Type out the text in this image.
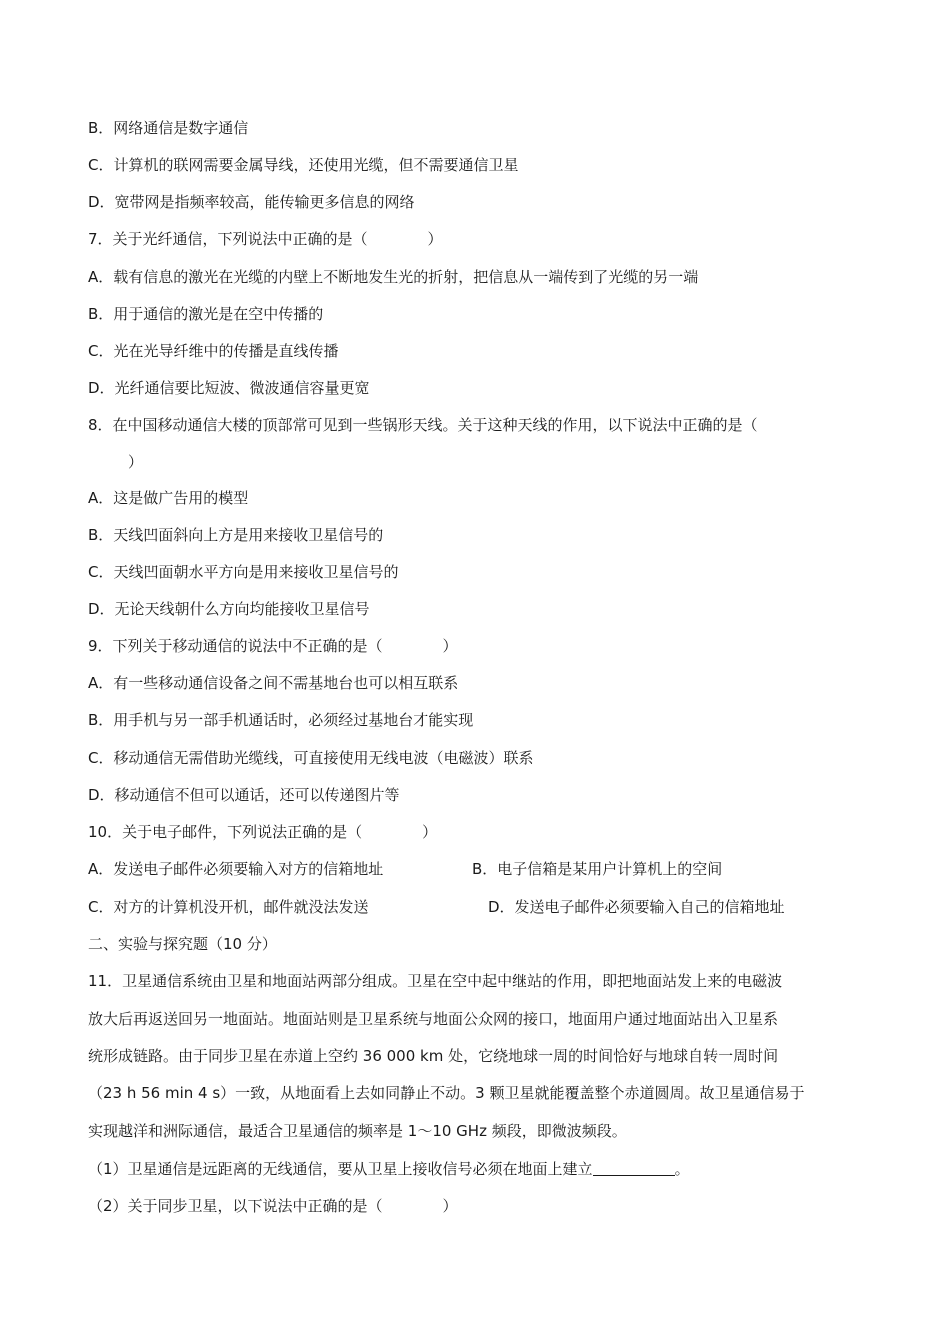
B．网络通信是数字通信
C．计算机的联网需要金属导线，还使用光缆，但不需要通信卫星
D．宽带网是指频率较高，能传输更多信息的网络
7．关于光纤通信，下列说法中正确的是（　　　　）
A．载有信息的激光在光缆的内壁上不断地发生光的折射，把信息从一端传到了光缆的另一端
B．用于通信的激光是在空中传播的
C．光在光导纤维中的传播是直线传播
D．光纤通信要比短波、微波通信容量更宽
8．在中国移动通信大楼的顶部常可见到一些锅形天线。关于这种天线的作用，以下说法中正确的是（
）
A．这是做广告用的模型
B．天线凹面斜向上方是用来接收卫星信号的
C．天线凹面朝水平方向是用来接收卫星信号的
D．无论天线朝什么方向均能接收卫星信号
9．下列关于移动通信的说法中不正确的是（　　　　）
A．有一些移动通信设备之间不需基地台也可以相互联系
B．用手机与另一部手机通话时，必须经过基地台才能实现
C．移动通信无需借助光缆线，可直接使用无线电波（电磁波）联系
D．移动通信不但可以通话，还可以传递图片等
10．关于电子邮件，下列说法正确的是（　　　　）
A．发送电子邮件必须要输入对方的信箱地址	B．电子信箱是某用户计算机上的空间
C．对方的计算机没开机，邮件就没法发送	D．发送电子邮件必须要输入自己的信箱地址
二、实验与探究题（10 分）
11．卫星通信系统由卫星和地面站两部分组成。卫星在空中起中继站的作用，即把地面站发上来的电磁波
放大后再返送回另一地面站。地面站则是卫星系统与地面公众网的接口，地面用户通过地面站出入卫星系
统形成链路。由于同步卫星在赤道上空约 36 000 km 处，它绕地球一周的时间恰好与地球自转一周时间
（23 h 56 min 4 s）一致，从地面看上去如同静止不动。3 颗卫星就能覆盖整个赤道圆周。故卫星通信易于
实现越洋和洲际通信，最适合卫星通信的频率是 1～10 GHz 频段，即微波频段。
（1）卫星通信是远距离的无线通信，要从卫星上接收信号必须在地面上建立	。
（2）关于同步卫星，以下说法中正确的是（　　　　）
